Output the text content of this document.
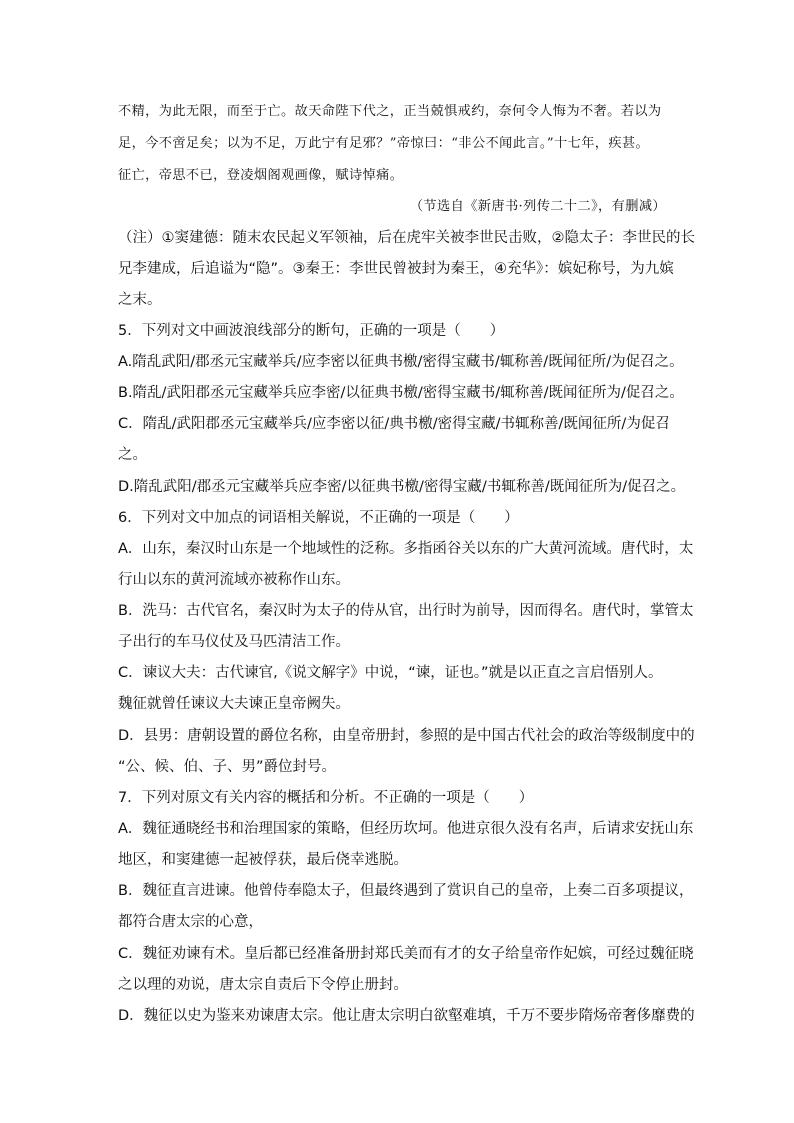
不精，为此无限，而至于亡。故天命陛下代之，正当兢惧戒约，奈何令人悔为不奢。若以为
足，今不啻足矣；以为不足，万此宁有足邪？”帝惊曰：“非公不闻此言。”十七年，疾甚。
征亡，帝思不已，登凌烟阁观画像，赋诗悼痛。
（节选自《新唐书·列传二十二》，有删减）
（注）①窦建德：随末农民起义军领袖，后在虎牢关被李世民击败，②隐太子：李世民的长
兄李建成，后追谥为“隐”。③秦王：李世民曾被封为秦王，④充华》：嫔妃称号，为九嫔
之末。
5．下列对文中画波浪线部分的断句，正确的一项是（　　）
A.隋乱武阳/郡丞元宝藏举兵/应李密以征典书檄/密得宝藏书/辄称善/既闻征所/为促召之。
B.隋乱/武阳郡丞元宝藏举兵应李密/以征典书檄/密得宝藏书/辄称善/既闻征所为/促召之。
C．隋乱/武阳郡丞元宝藏举兵/应李密以征/典书檄/密得宝藏/书辄称善/既闻征所/为促召
之。
D.隋乱武阳/郡丞元宝藏举兵应李密/以征典书檄/密得宝藏/书辄称善/既闻征所为/促召之。
6．下列对文中加点的词语相关解说，不正确的一项是（　　）
A．山东，秦汉时山东是一个地域性的泛称。多指函谷关以东的广大黄河流域。唐代时，太
行山以东的黄河流域亦被称作山东。
B．洗马：古代官名，秦汉时为太子的侍从官，出行时为前导，因而得名。唐代时，掌管太
子出行的车马仪仗及马匹清洁工作。
C．谏议大夫：古代谏官,《说文解字》中说，“谏，证也。”就是以正直之言启悟别人。
魏征就曾任谏议大夫谏正皇帝阙失。
D．县男：唐朝设置的爵位名称，由皇帝册封，参照的是中国古代社会的政治等级制度中的
“公、候、伯、子、男”爵位封号。
7．下列对原文有关内容的概括和分析。不正确的一项是（　　）
A．魏征通晓经书和治理国家的策略，但经历坎坷。他进京很久没有名声，后请求安抚山东
地区，和窦建德一起被俘获，最后侥幸逃脱。
B．魏征直言进谏。他曾侍奉隐太子，但最终遇到了赏识自己的皇帝，上奏二百多项提议，
都符合唐太宗的心意，
C．魏征劝谏有术。皇后都已经准备册封郑氏美而有才的女子给皇帝作妃嫔，可经过魏征晓
之以理的劝说，唐太宗自责后下令停止册封。
D．魏征以史为鉴来劝谏唐太宗。他让唐太宗明白欲壑难填，千万不要步隋炀帝奢侈靡费的
